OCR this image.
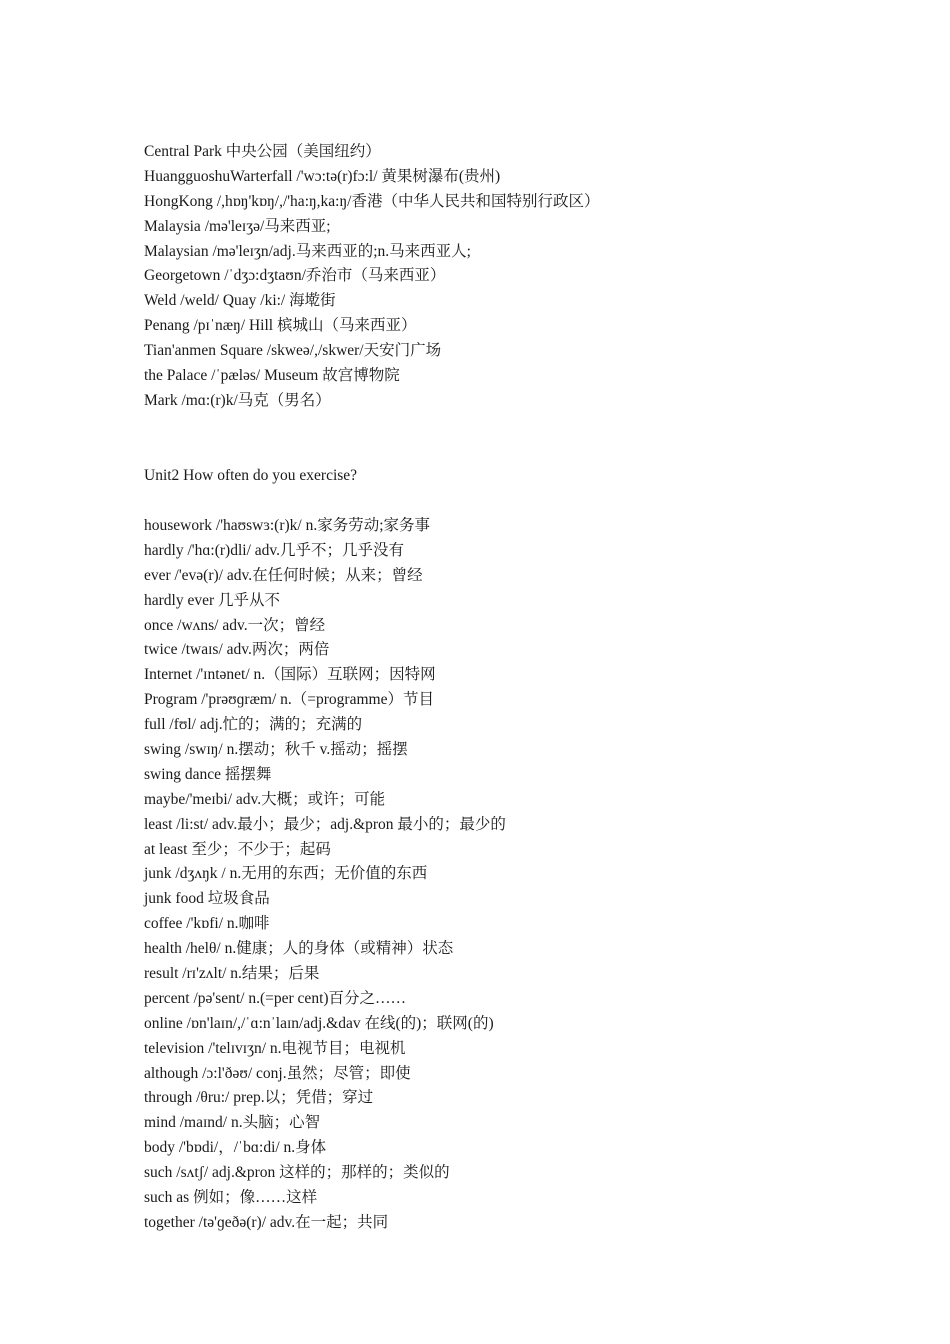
Central Park 中央公园（美国纽约）

HuangguoshuWarterfall /'wɔ:tə(r)fɔ:l/ 黄果树瀑布(贵州)

HongKong /,hɒŋ'kɒŋ/,/'ha:ŋ,ka:ŋ/香港（中华人民共和国特别行政区）

Malaysia /mə'leɪʒə/马来西亚;

Malaysian /mə'leɪʒn/adj.马来西亚的;n.马来西亚人;

Georgetown /ˈdʒɔ:dʒtaʊn/乔治市（马来西亚）

Weld /weld/ Quay /ki:/ 海墘街

Penang /pɪˈnæŋ/ Hill 槟城山（马来西亚）

Tian'anmen Square /skweə/,/skwer/天安门广场

the Palace /ˈpæləs/ Museum 故宫博物院

Mark /mɑ:(r)k/马克（男名）

Unit2 How often do you exercise?

housework /'haʊswɜ:(r)k/ n.家务劳动;家务事

hardly /'hɑ:(r)dli/ adv.几乎不；几乎没有

ever /'evə(r)/ adv.在任何时候；从来；曾经

hardly ever 几乎从不

once /wʌns/ adv.一次；曾经

twice /twaɪs/ adv.两次；两倍

Internet /'ɪntənet/ n.（国际）互联网；因特网

Program /'prəʊɡræm/ n.（=programme）节目

full /fʊl/ adj.忙的；满的；充满的

swing /swɪŋ/ n.摆动；秋千 v.摇动；摇摆

swing dance 摇摆舞

maybe/'meɪbi/ adv.大概；或许；可能

least /li:st/ adv.最小；最少；adj.&pron 最小的；最少的

at least 至少；不少于；起码

junk /dʒʌŋk / n.无用的东西；无价值的东西

junk food 垃圾食品

coffee /'kɒfi/ n.咖啡

health /helθ/ n.健康；人的身体（或精神）状态

result /rɪ'zʌlt/ n.结果；后果

percent /pə'sent/ n.(=per cent)百分之……

online /ɒn'laɪn/,/ˈɑ:nˈlaɪn/adj.&dav 在线(的)；联网(的)

television /'telɪvɪʒn/ n.电视节目；电视机

although /ɔ:l'ðəʊ/ conj.虽然；尽管；即使

through /θru:/ prep.以；凭借；穿过

mind /maɪnd/ n.头脑；心智

body /'bɒdi/，/ˈbɑ:di/ n.身体

such /sʌtʃ/ adj.&pron 这样的；那样的；类似的

such as 例如；像……这样

together /tə'ɡeðə(r)/ adv.在一起；共同
